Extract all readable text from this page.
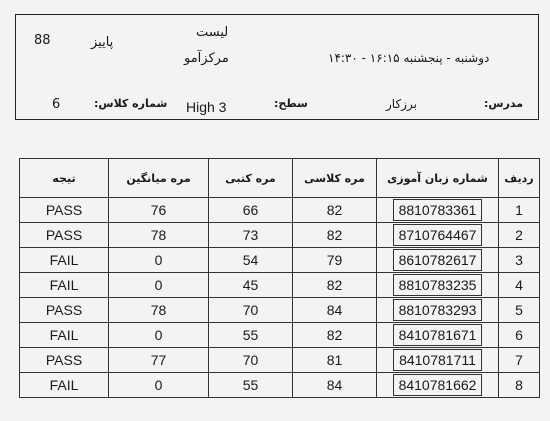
88	پاییز
لیست
مرکزآمو	دوشنبه - پنجشنبه ۱۶:۱۵ - ۱۴:۳۰
6	شماره کلاس: High 3	سطح:	برزکار	مدرس:
ردیف	شماره زبان آموزی	مره کلاسی	مره کتبی	مره میانگین	تیجه
1	8810783361	82	66	76	PASS
2	8710764467	82	73	78	PASS
3	8610782617	79	54	0	FAIL
4	8810783235	82	45	0	FAIL
5	8810783293	84	70	78	PASS
6	8410781671	82	55	0	FAIL
7	8410781711	81	70	77	PASS
8	8410781662	84	55	0	FAIL
